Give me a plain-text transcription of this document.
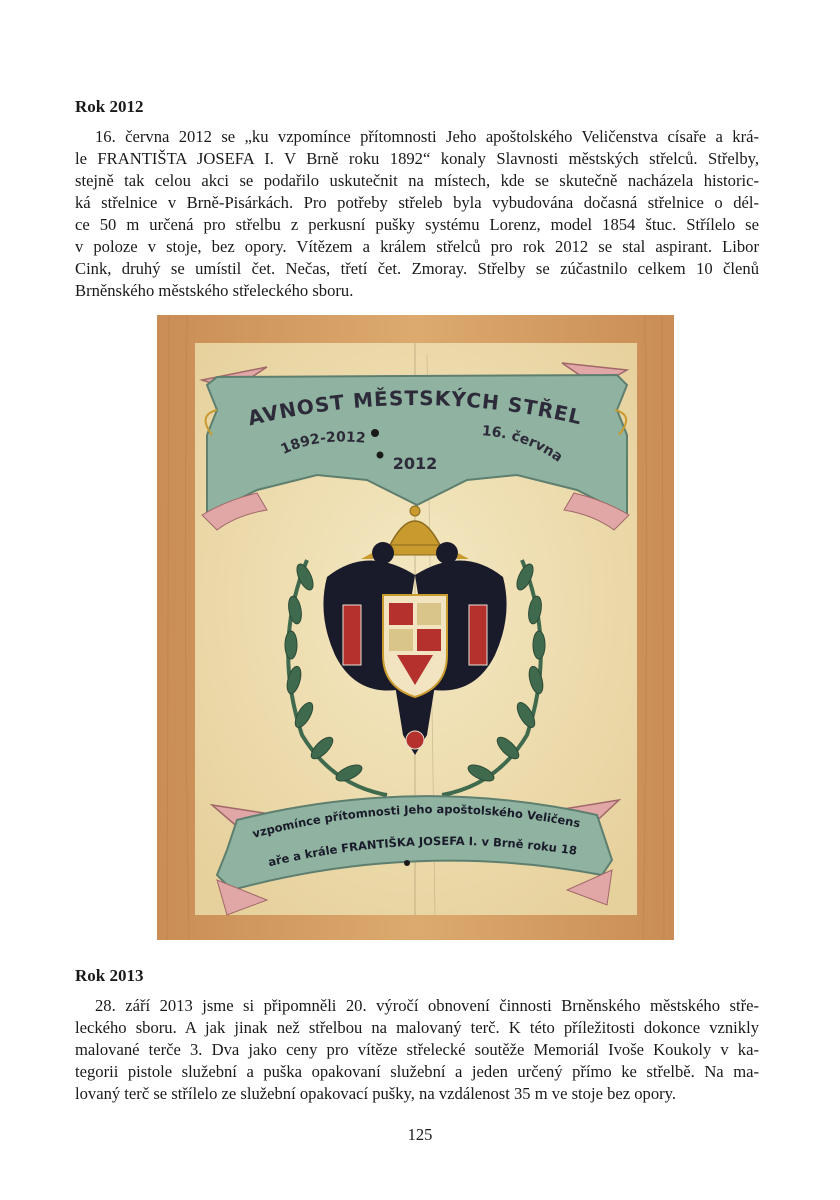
Rok 2012

16. června 2012 se „ku vzpomínce přítomnosti Jeho apoštolského Veličenstva císaře a krá-
le FRANTIŠTA JOSEFA I. V Brně roku 1892“ konaly Slavnosti městských střelců. Střelby,
stejně tak celou akci se podařilo uskutečnit na místech, kde se skutečně nacházela historic-
ká střelnice v Brně-Pisárkách. Pro potřeby střeleb byla vybudována dočasná střelnice o dél-
ce 50 m určená pro střelbu z perkusní pušky systému Lorenz, model 1854 štuc. Střílelo se
v poloze v stoje, bez opory. Vítězem a králem střelců pro rok 2012 se stal aspirant. Libor
Cink, druhý se umístil čet. Nečas, třetí čet. Zmoray. Střelby se zúčastnilo celkem 10 členů
Brněnského městského střeleckého sboru.

AVNOST MĚSTSKÝCH STŘEL
1892-2012	16. června
2012
vzpomínce přítomnosti Jeho apoštolského Veličens
aře a krále FRANTIŠKA JOSEFA I. v Brně roku 18
Rok 2013

28. září 2013 jsme si připomněli 20. výročí obnovení činnosti Brněnského městského stře-
leckého sboru. A jak jinak než střelbou na malovaný terč. K této příležitosti dokonce vznikly
malované terče 3. Dva jako ceny pro vítěze střelecké soutěže Memoriál Ivoše Koukoly v ka-
tegorii pistole služební a puška opakovaní služební a jeden určený přímo ke střelbě. Na ma-
lovaný terč se střílelo ze služební opakovací pušky, na vzdálenost 35 m ve stoje bez opory.

125
